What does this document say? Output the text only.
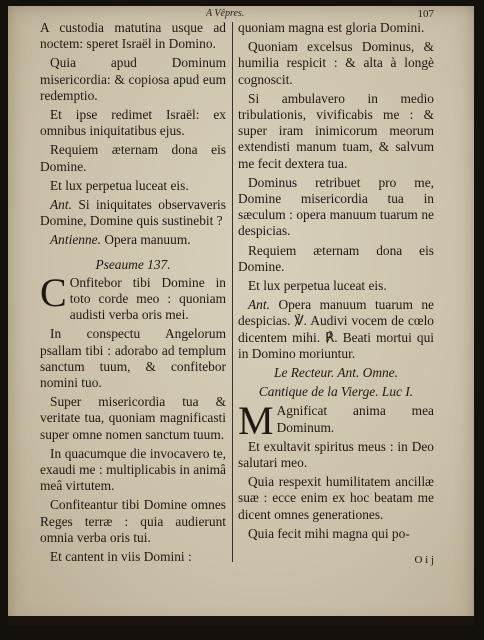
A Vêpres.	107

A custodia matutina usque ad noctem: speret Israël in Domino.

Quia apud Dominum misericordia: & copiosa apud eum redemptio.

Et ipse redimet Israël: ex omnibus iniquitatibus ejus.

Requiem æternam dona eis Domine.

Et lux perpetua luceat eis.

Ant. Si iniquitates observaveris Domine, Domine quis sustinebit ?

Antienne. Opera manuum.

Pseaume 137.

C Onfitebor tibi Domine in toto corde meo : quoniam audisti verba oris mei.

In conspectu Angelorum psallam tibi : adorabo ad templum sanctum tuum, & confitebor nomini tuo.

Super misericordia tua & veritate tua, quoniam magnificasti super omne nomen sanctum tuum.

In quacumque die invocavero te, exaudi me : multiplicabis in animâ meâ virtutem.

Confiteantur tibi Domine omnes Reges terræ : quia audierunt omnia verba oris tui.

Et cantent in viis Domini :

quoniam magna est gloria Domini.

Quoniam excelsus Dominus, & humilia respicit : & alta à longè cognoscit.

Si ambulavero in medio tribulationis, vivificabis me : & super iram inimicorum meorum extendisti manum tuam, & salvum me fecit dextera tua.

Dominus retribuet pro me, Domine misericordia tua in sæculum : opera manuum tuarum ne despicias.

Requiem æternam dona eis Domine.

Et lux perpetua luceat eis.

Ant. Opera manuum tuarum ne despicias. ℣. Audivi vocem de cœlo dicentem mihi. ℟. Beati mortui qui in Domino moriuntur.

Le Recteur. Ant. Omne.

Cantique de la Vierge. Luc I.

M Agnificat anima mea Dominum.

Et exultavit spiritus meus : in Deo salutari meo.

Quia respexit humilitatem ancillæ suæ : ecce enim ex hoc beatam me dicent omnes generationes.

Quia fecit mihi magna qui po-

O i j
